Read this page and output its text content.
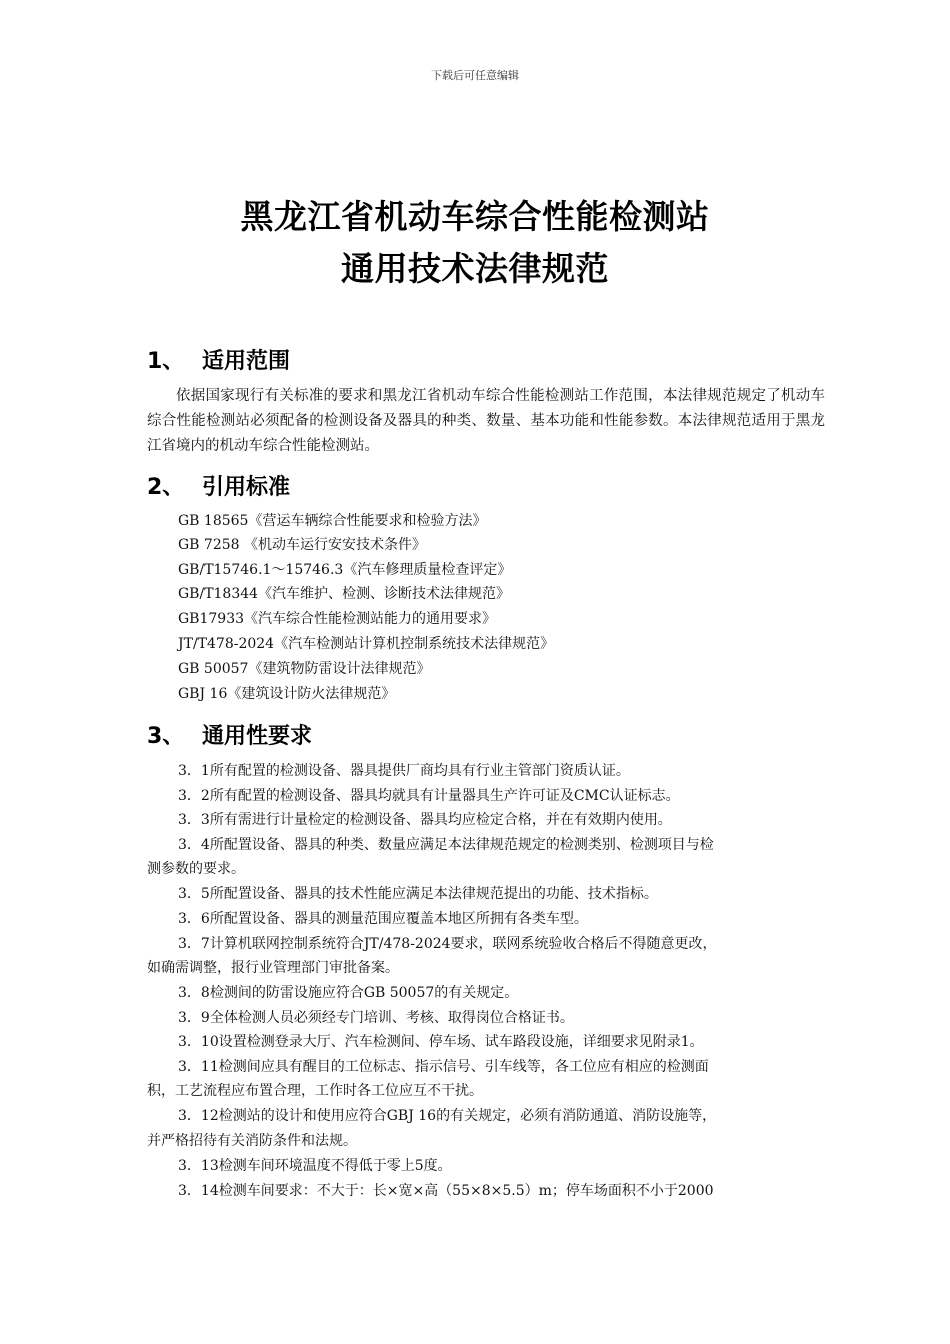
下载后可任意编辑
黑龙江省机动车综合性能检测站
通用技术法律规范
1、 适用范围
依据国家现行有关标准的要求和黑龙江省机动车综合性能检测站工作范围，本法律规范规定了机动车综合性能检测站必须配备的检测设备及器具的种类、数量、基本功能和性能参数。本法律规范适用于黑龙江省境内的机动车综合性能检测站。
2、 引用标准
GB 18565《营运车辆综合性能要求和检验方法》
GB 7258 《机动车运行安安技术条件》
GB/T15746.1～15746.3《汽车修理质量检查评定》
GB/T18344《汽车维护、检测、诊断技术法律规范》
GB17933《汽车综合性能检测站能力的通用要求》
JT/T478-2024《汽车检测站计算机控制系统技术法律规范》
GB 50057《建筑物防雷设计法律规范》
GBJ 16《建筑设计防火法律规范》
3、 通用性要求
3．1所有配置的检测设备、器具提供厂商均具有行业主管部门资质认证。
3．2所有配置的检测设备、器具均就具有计量器具生产许可证及CMC认证标志。
3．3所有需进行计量检定的检测设备、器具均应检定合格，并在有效期内使用。
3．4所配置设备、器具的种类、数量应满足本法律规范规定的检测类别、检测项目与检
测参数的要求。
3．5所配置设备、器具的技术性能应满足本法律规范提出的功能、技术指标。
3．6所配置设备、器具的测量范围应覆盖本地区所拥有各类车型。
3．7计算机联网控制系统符合JT/478-2024要求，联网系统验收合格后不得随意更改，
如确需调整，报行业管理部门审批备案。
3．8检测间的防雷设施应符合GB 50057的有关规定。
3．9全体检测人员必须经专门培训、考核、取得岗位合格证书。
3．10设置检测登录大厅、汽车检测间、停车场、试车路段设施，详细要求见附录1。
3．11检测间应具有醒目的工位标志、指示信号、引车线等，各工位应有相应的检测面
积，工艺流程应布置合理，工作时各工位应互不干扰。
3．12检测站的设计和使用应符合GBJ 16的有关规定，必须有消防通道、消防设施等，
并严格招待有关消防条件和法规。
3．13检测车间环境温度不得低于零上5度。
3．14检测车间要求：不大于：长×宽×高（55×8×5.5）m；停车场面积不小于2000
